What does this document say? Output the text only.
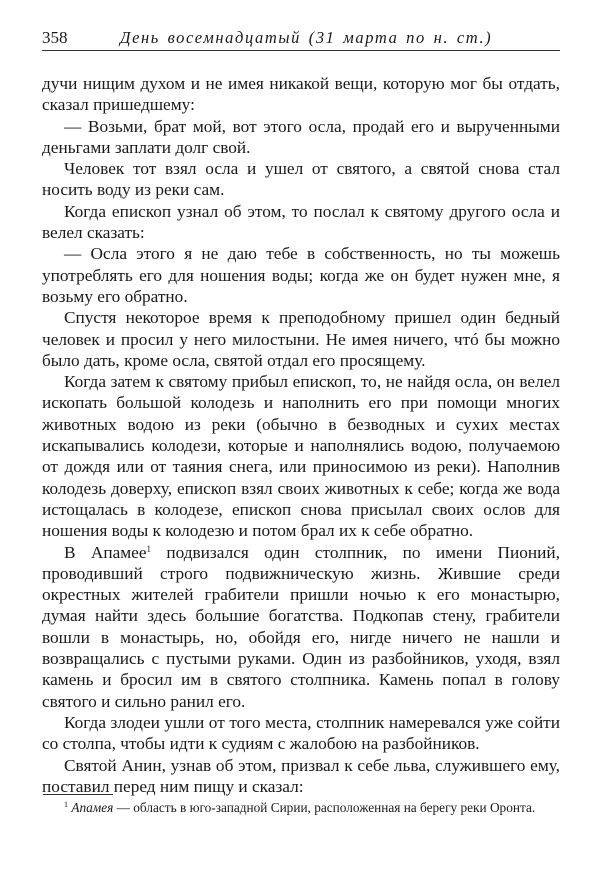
358	День восемнадцатый (31 марта по н. ст.)

дучи нищим духом и не имея никакой вещи, которую мог бы отдать, сказал пришедшему:

— Возьми, брат мой, вот этого осла, продай его и вырученными деньгами заплати долг свой.

Человек тот взял осла и ушел от святого, а святой снова стал носить воду из реки сам.

Когда епископ узнал об этом, то послал к святому другого осла и велел сказать:

— Осла этого я не даю тебе в собственность, но ты можешь употреблять его для ношения воды; когда же он будет нужен мне, я возьму его обратно.

Спустя некоторое время к преподобному пришел один бедный человек и просил у него милостыни. Не имея ничего, чтó бы можно было дать, кроме осла, святой отдал его просящему.

Когда затем к святому прибыл епископ, то, не найдя осла, он велел ископать большой колодезь и наполнить его при помощи многих животных водою из реки (обычно в безводных и сухих местах искапывались колодези, которые и наполнялись водою, получаемою от дождя или от таяния снега, или приносимою из реки). Наполнив колодезь доверху, епископ взял своих животных к себе; когда же вода истощалась в колодезе, епископ снова присылал своих ослов для ношения воды к колодезю и потом брал их к себе обратно.

В Апамее$^1$ подвизался один столпник, по имени Пионий, проводивший строго подвижническую жизнь. Жившие среди окрестных жителей грабители пришли ночью к его монастырю, думая найти здесь большие богатства. Подкопав стену, грабители вошли в монастырь, но, обойдя его, нигде ничего не нашли и возвращались с пустыми руками. Один из разбойников, уходя, взял камень и бросил им в святого столпника. Камень попал в голову святого и сильно ранил его.

Когда злодеи ушли от того места, столпник намеревался уже сойти со столпа, чтобы идти к судиям с жалобою на разбойников.

Святой Анин, узнав об этом, призвал к себе льва, служившего ему, поставил перед ним пищу и сказал:

$^1$ Апамея — область в юго-западной Сирии, расположенная на берегу реки Оронта.
